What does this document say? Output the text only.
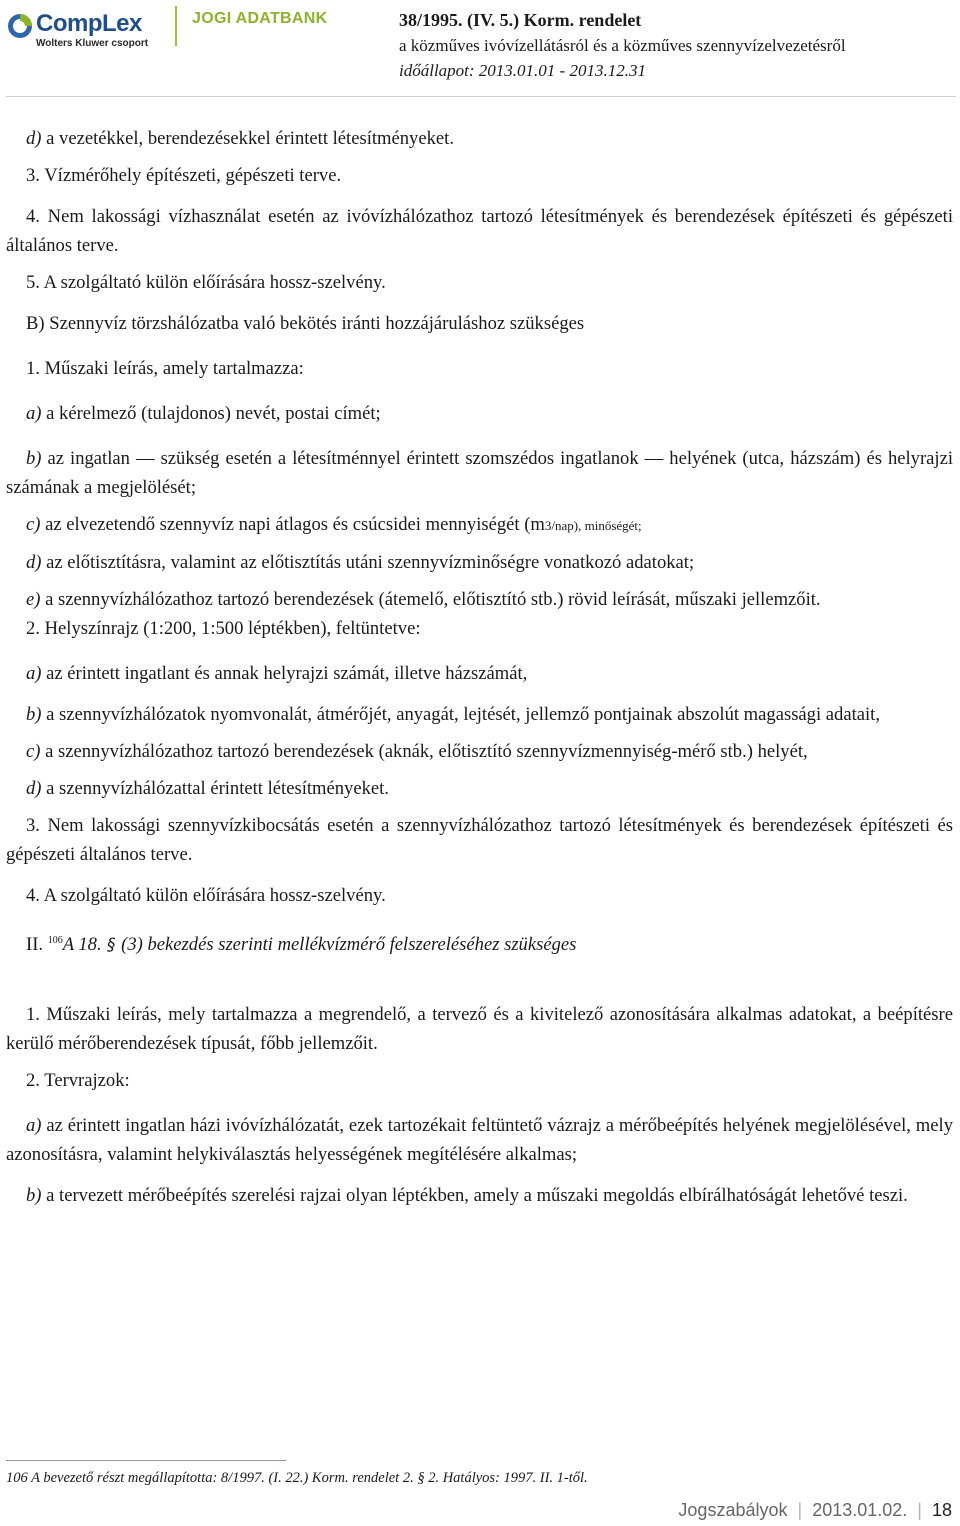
CompLex
Wolters Kluwer csoport
JOGI ADATBANK	38/1995. (IV. 5.) Korm. rendelet
a közműves ivóvízellátásról és a közműves szennyvízelvezetésről
időállapot: 2013.01.01 - 2013.12.31

d) a vezetékkel, berendezésekkel érintett létesítményeket.

3. Vízmérőhely építészeti, gépészeti terve.

4. Nem lakossági vízhasználat esetén az ivóvízhálózathoz tartozó létesítmények és berendezések építészeti és gépészeti általános terve.

5. A szolgáltató külön előírására hossz-szelvény.

B) Szennyvíz törzshálózatba való bekötés iránti hozzájáruláshoz szükséges

1. Műszaki leírás, amely tartalmazza:

a) a kérelmező (tulajdonos) nevét, postai címét;

b) az ingatlan ― szükség esetén a létesítménnyel érintett szomszédos ingatlanok ― helyének (utca, házszám) és helyrajzi számának a megjelölését;

c) az elvezetendő szennyvíz napi átlagos és csúcsidei mennyiségét (m3/nap), minőségét;

d) az előtisztításra, valamint az előtisztítás utáni szennyvízminőségre vonatkozó adatokat;

e) a szennyvízhálózathoz tartozó berendezések (átemelő, előtisztító stb.) rövid leírását, műszaki jellemzőit.

2. Helyszínrajz (1:200, 1:500 léptékben), feltüntetve:

a) az érintett ingatlant és annak helyrajzi számát, illetve házszámát,

b) a szennyvízhálózatok nyomvonalát, átmérőjét, anyagát, lejtését, jellemző pontjainak abszolút magassági adatait,

c) a szennyvízhálózathoz tartozó berendezések (aknák, előtisztító szennyvízmennyiség-mérő stb.) helyét,

d) a szennyvízhálózattal érintett létesítményeket.

3. Nem lakossági szennyvízkibocsátás esetén a szennyvízhálózathoz tartozó létesítmények és berendezések építészeti és gépészeti általános terve.

4. A szolgáltató külön előírására hossz-szelvény.

II. $^{106}$A 18. § (3) bekezdés szerinti mellékvízmérő felszereléséhez szükséges

1. Műszaki leírás, mely tartalmazza a megrendelő, a tervező és a kivitelező azonosítására alkalmas adatokat, a beépítésre kerülő mérőberendezések típusát, főbb jellemzőit.

2. Tervrajzok:

a) az érintett ingatlan házi ivóvízhálózatát, ezek tartozékait feltüntető vázrajz a mérőbeépítés helyének megjelölésével, mely azonosításra, valamint helykiválasztás helyességének megítélésére alkalmas;

b) a tervezett mérőbeépítés szerelési rajzai olyan léptékben, amely a műszaki megoldás elbírálhatóságát lehetővé teszi.

106 A bevezető részt megállapította: 8/1997. (I. 22.) Korm. rendelet 2. § 2. Hatályos: 1997. II. 1-től.
Jogszabályok | 2013.01.02. | 18
